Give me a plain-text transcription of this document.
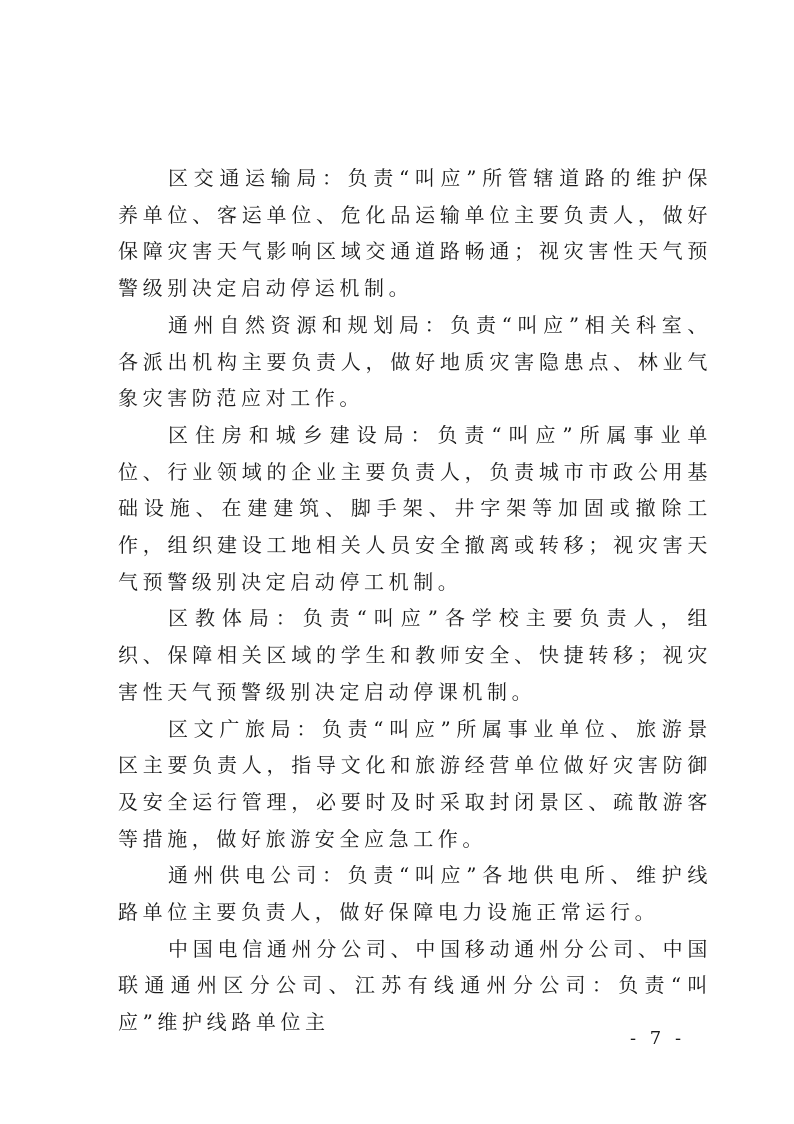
区交通运输局：负责“叫应”所管辖道路的维护保养单位、客运单位、危化品运输单位主要负责人，做好保障灾害天气影响区域交通道路畅通；视灾害性天气预警级别决定启动停运机制。

通州自然资源和规划局：负责“叫应”相关科室、各派出机构主要负责人，做好地质灾害隐患点、林业气象灾害防范应对工作。

区住房和城乡建设局：负责“叫应”所属事业单位、行业领域的企业主要负责人，负责城市市政公用基础设施、在建建筑、脚手架、井字架等加固或撤除工作，组织建设工地相关人员安全撤离或转移；视灾害天气预警级别决定启动停工机制。

区教体局：负责“叫应”各学校主要负责人，组织、保障相关区域的学生和教师安全、快捷转移；视灾害性天气预警级别决定启动停课机制。

区文广旅局：负责“叫应”所属事业单位、旅游景区主要负责人，指导文化和旅游经营单位做好灾害防御及安全运行管理，必要时及时采取封闭景区、疏散游客等措施，做好旅游安全应急工作。

通州供电公司：负责“叫应”各地供电所、维护线路单位主要负责人，做好保障电力设施正常运行。

中国电信通州分公司、中国移动通州分公司、中国联通通州区分公司、江苏有线通州分公司：负责“叫应”维护线路单位主

- 7 -
